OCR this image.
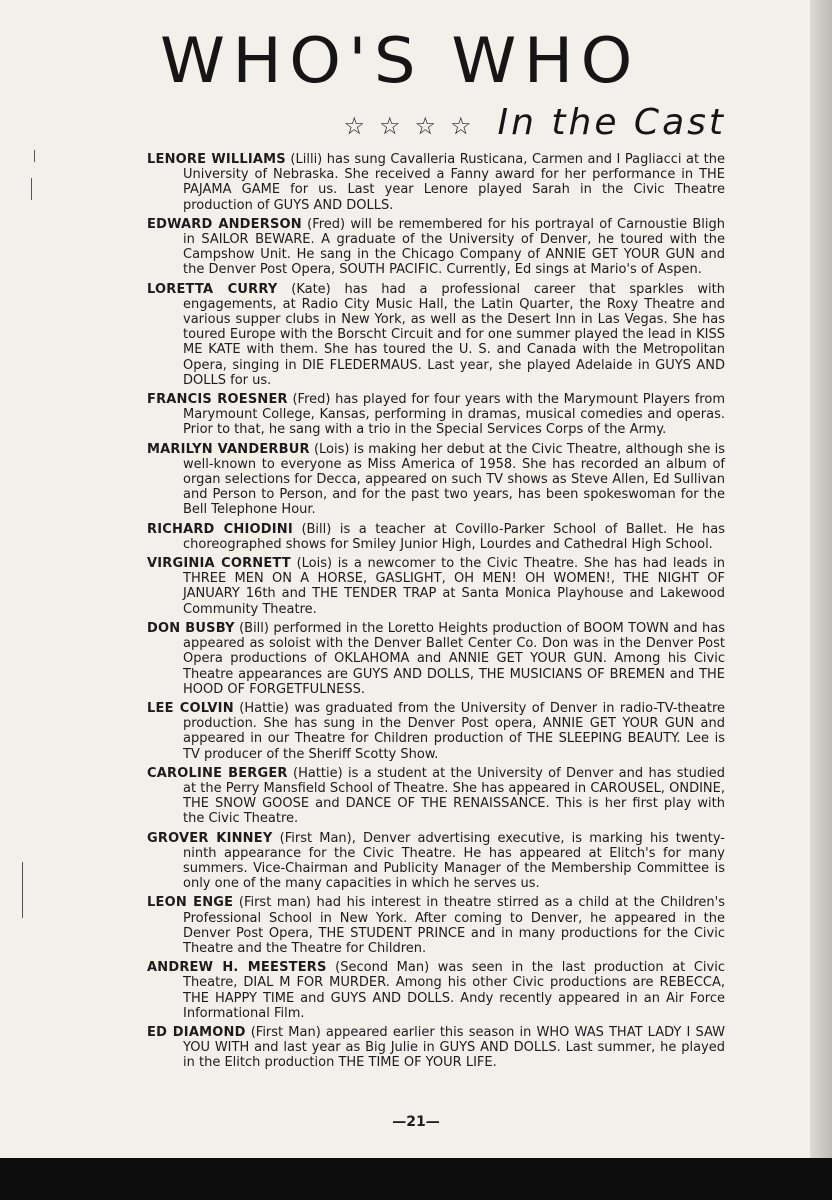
WHO'S WHO
☆ ☆ ☆ ☆ In the Cast

LENORE WILLIAMS (Lilli) has sung Cavalleria Rusticana, Carmen and I Pagliacci at the University of Nebraska. She received a Fanny award for her performance in THE PAJAMA GAME for us. Last year Lenore played Sarah in the Civic Theatre production of GUYS AND DOLLS.

EDWARD ANDERSON (Fred) will be remembered for his portrayal of Carnoustie Bligh in SAILOR BEWARE. A graduate of the University of Denver, he toured with the Campshow Unit. He sang in the Chicago Company of ANNIE GET YOUR GUN and the Denver Post Opera, SOUTH PACIFIC. Currently, Ed sings at Mario's of Aspen.

LORETTA CURRY (Kate) has had a professional career that sparkles with engagements, at Radio City Music Hall, the Latin Quarter, the Roxy Theatre and various supper clubs in New York, as well as the Desert Inn in Las Vegas. She has toured Europe with the Borscht Circuit and for one summer played the lead in KISS ME KATE with them. She has toured the U. S. and Canada with the Metropolitan Opera, singing in DIE FLEDERMAUS. Last year, she played Adelaide in GUYS AND DOLLS for us.

FRANCIS ROESNER (Fred) has played for four years with the Marymount Players from Marymount College, Kansas, performing in dramas, musical comedies and operas. Prior to that, he sang with a trio in the Special Services Corps of the Army.

MARILYN VANDERBUR (Lois) is making her debut at the Civic Theatre, although she is well-known to everyone as Miss America of 1958. She has recorded an album of organ selections for Decca, appeared on such TV shows as Steve Allen, Ed Sullivan and Person to Person, and for the past two years, has been spokeswoman for the Bell Telephone Hour.

RICHARD CHIODINI (Bill) is a teacher at Covillo-Parker School of Ballet. He has choreographed shows for Smiley Junior High, Lourdes and Cathedral High School.

VIRGINIA CORNETT (Lois) is a newcomer to the Civic Theatre. She has had leads in THREE MEN ON A HORSE, GASLIGHT, OH MEN! OH WOMEN!, THE NIGHT OF JANUARY 16th and THE TENDER TRAP at Santa Monica Playhouse and Lakewood Community Theatre.

DON BUSBY (Bill) performed in the Loretto Heights production of BOOM TOWN and has appeared as soloist with the Denver Ballet Center Co. Don was in the Denver Post Opera productions of OKLAHOMA and ANNIE GET YOUR GUN. Among his Civic Theatre appearances are GUYS AND DOLLS, THE MUSICIANS OF BREMEN and THE HOOD OF FORGETFULNESS.

LEE COLVIN (Hattie) was graduated from the University of Denver in radio-TV-theatre production. She has sung in the Denver Post opera, ANNIE GET YOUR GUN and appeared in our Theatre for Children production of THE SLEEPING BEAUTY. Lee is TV producer of the Sheriff Scotty Show.

CAROLINE BERGER (Hattie) is a student at the University of Denver and has studied at the Perry Mansfield School of Theatre. She has appeared in CAROUSEL, ONDINE, THE SNOW GOOSE and DANCE OF THE RENAISSANCE. This is her first play with the Civic Theatre.

GROVER KINNEY (First Man), Denver advertising executive, is marking his twenty-ninth appearance for the Civic Theatre. He has appeared at Elitch's for many summers. Vice-Chairman and Publicity Manager of the Membership Committee is only one of the many capacities in which he serves us.

LEON ENGE (First man) had his interest in theatre stirred as a child at the Children's Professional School in New York. After coming to Denver, he appeared in the Denver Post Opera, THE STUDENT PRINCE and in many productions for the Civic Theatre and the Theatre for Children.

ANDREW H. MEESTERS (Second Man) was seen in the last production at Civic Theatre, DIAL M FOR MURDER. Among his other Civic productions are REBECCA, THE HAPPY TIME and GUYS AND DOLLS. Andy recently appeared in an Air Force Informational Film.

ED DIAMOND (First Man) appeared earlier this season in WHO WAS THAT LADY I SAW YOU WITH and last year as Big Julie in GUYS AND DOLLS. Last summer, he played in the Elitch production THE TIME OF YOUR LIFE.

—21—
